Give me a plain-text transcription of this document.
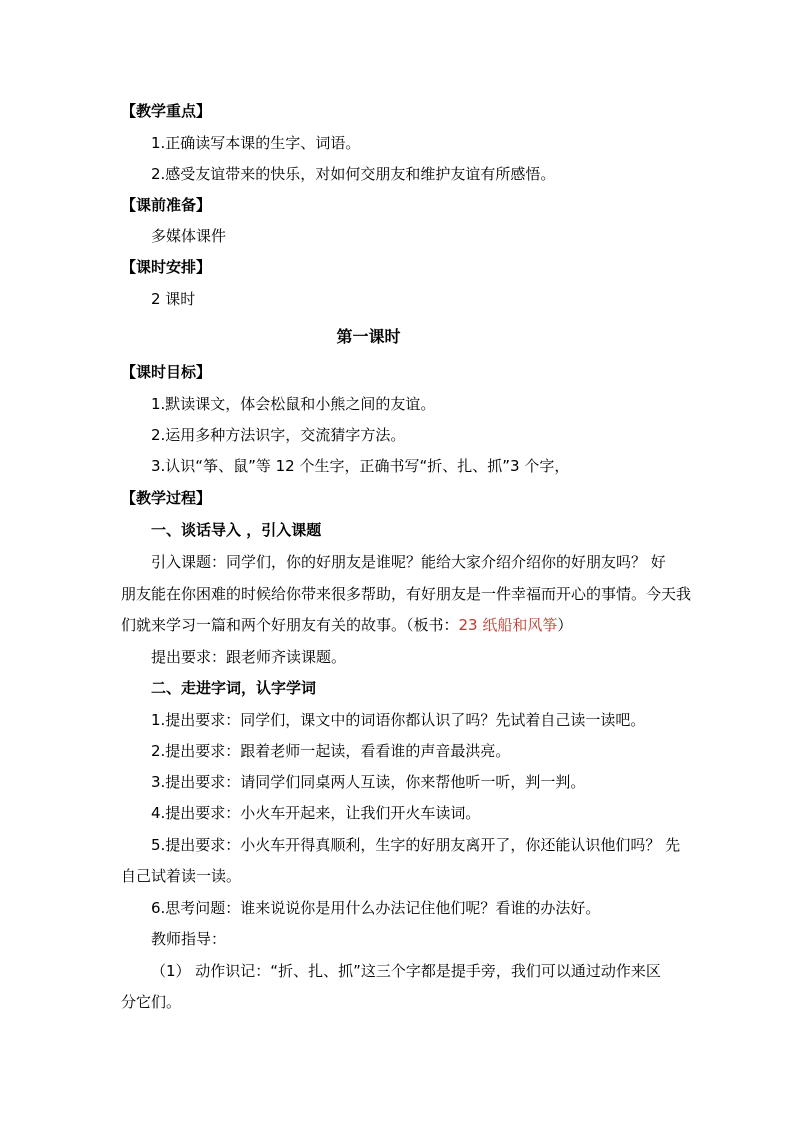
【教学重点】
1.正确读写本课的生字、词语。
2.感受友谊带来的快乐，对如何交朋友和维护友谊有所感悟。
【课前准备】
多媒体课件
【课时安排】
2 课时
第一课时
【课时目标】
1.默读课文，体会松鼠和小熊之间的友谊。
2.运用多种方法识字，交流猜字方法。
3.认识“筝、鼠”等 12 个生字，正确书写“折、扎、抓”3 个字，
【教学过程】
一、谈话导入 ，引入课题
引入课题：同学们，你的好朋友是谁呢？能给大家介绍介绍你的好朋友吗？ 好
朋友能在你困难的时候给你带来很多帮助，有好朋友是一件幸福而开心的事情。今天我
们就来学习一篇和两个好朋友有关的故事。（板书：23 纸船和风筝）
提出要求：跟老师齐读课题。
二、走进字词，认字学词
1.提出要求：同学们，课文中的词语你都认识了吗？先试着自己读一读吧。
2.提出要求：跟着老师一起读，看看谁的声音最洪亮。
3.提出要求：请同学们同桌两人互读，你来帮他听一听，判一判。
4.提出要求：小火车开起来，让我们开火车读词。
5.提出要求：小火车开得真顺利，生字的好朋友离开了，你还能认识他们吗？ 先
自己试着读一读。
6.思考问题：谁来说说你是用什么办法记住他们呢？看谁的办法好。
教师指导：
（1） 动作识记：“折、扎、抓”这三个字都是提手旁，我们可以通过动作来区
分它们。
